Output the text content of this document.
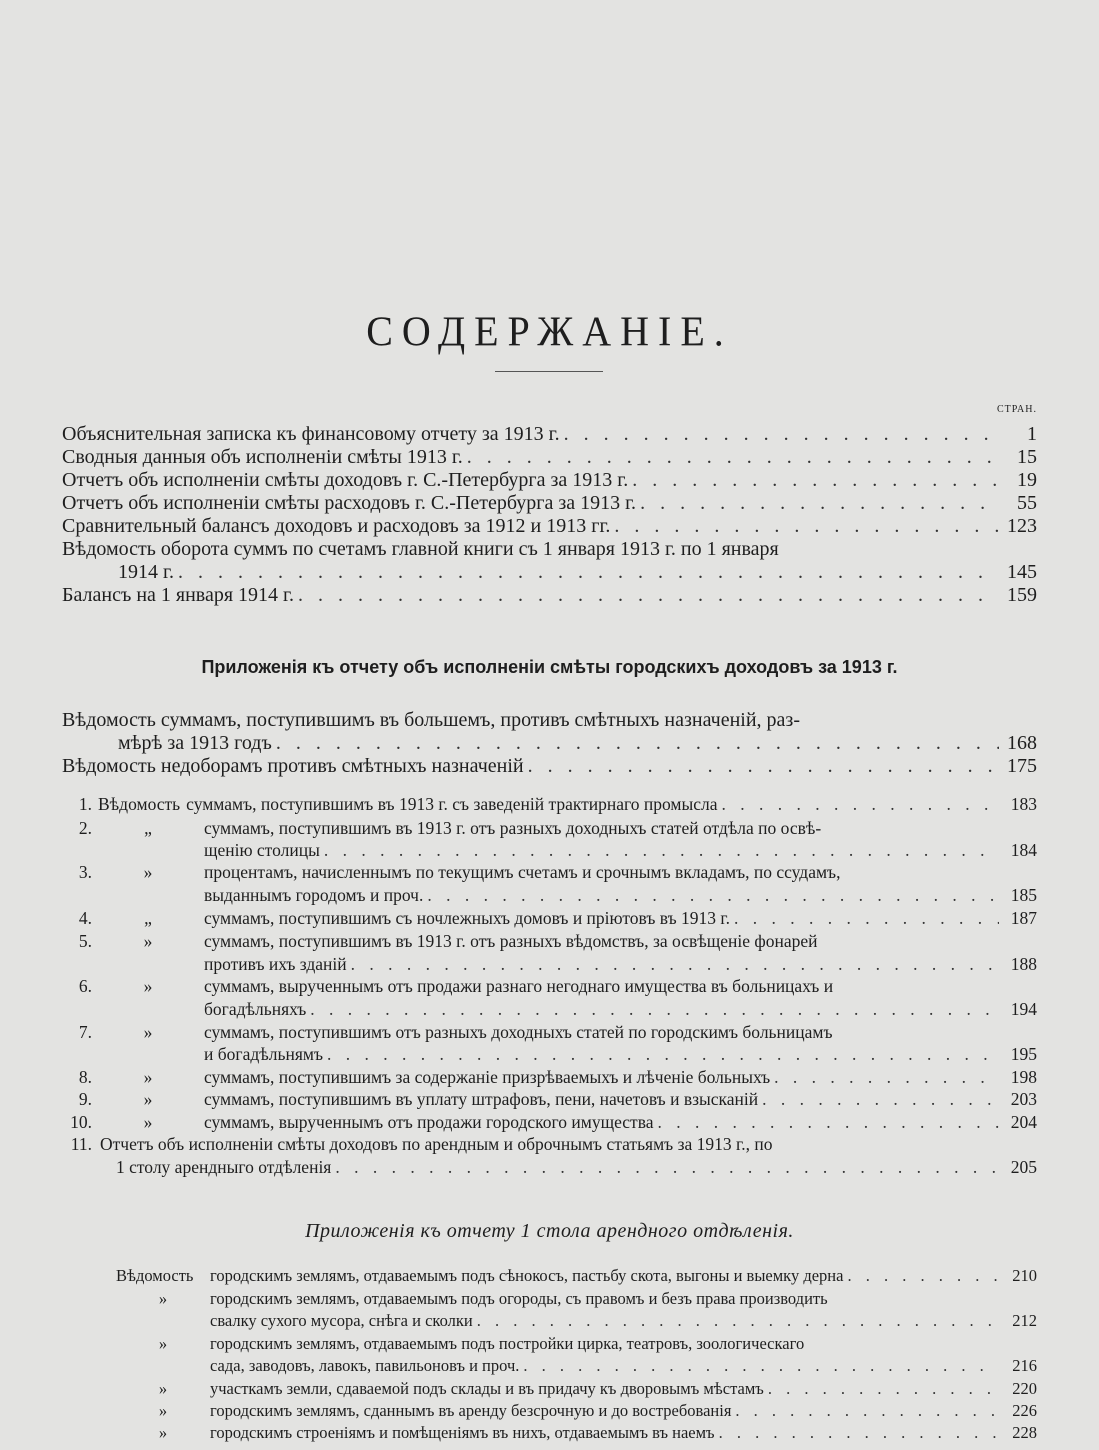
СОДЕРЖАНІЕ.
СТРАН.
Объяснительная записка къ финансовому отчету за 1913 г. . . .	1
Сводныя данныя объ исполненіи смѣты 1913 г. . . .	15
Отчетъ объ исполненіи смѣты доходовъ г. С.-Петербурга за 1913 г. . . .	19
Отчетъ объ исполненіи смѣты расходовъ г. С.-Петербурга за 1913 г. . . .	55
Сравнительный балансъ доходовъ и расходовъ за 1912 и 1913 гг. . . .	123
Вѣдомость оборота суммъ по счетамъ главной книги съ 1 января 1913 г. по 1 января
1914 г. . . .	145
Балансъ на 1 января 1914 г. . . .	159
Приложенія къ отчету объ исполненіи смѣты городскихъ доходовъ за 1913 г.
Вѣдомость суммамъ, поступившимъ въ большемъ, противъ смѣтныхъ назначеній, раз-
мѣрѣ за 1913 годъ . . .	168
Вѣдомость недоборамъ противъ смѣтныхъ назначеній . . .	175
1. Вѣдомость суммамъ, поступившимъ въ 1913 г. съ заведеній трактирнаго промысла . . .	183
2.	„	суммамъ, поступившимъ въ 1913 г. отъ разныхъ доходныхъ статей отдѣла по освѣ-
щенію столицы . . .	184
3.	»	процентамъ, начисленнымъ по текущимъ счетамъ и срочнымъ вкладамъ, по ссудамъ,
выданнымъ городомъ и проч. . . .	185
4.	„	суммамъ, поступившимъ съ ночлежныхъ домовъ и пріютовъ въ 1913 г. . . .	187
5.	»	суммамъ, поступившимъ въ 1913 г. отъ разныхъ вѣдомствъ, за освѣщеніе фонарей
противъ ихъ зданій . . .	188
6.	»	суммамъ, вырученнымъ отъ продажи разнаго негоднаго имущества въ больницахъ и
богадѣльняхъ . . .	194
7.	»	суммамъ, поступившимъ отъ разныхъ доходныхъ статей по городскимъ больницамъ
и богадѣльнямъ . . .	195
8.	»	суммамъ, поступившимъ за содержаніе призрѣваемыхъ и лѣченіе больныхъ . . .	198
9.	»	суммамъ, поступившимъ въ уплату штрафовъ, пени, начетовъ и взысканій . . .	203
10.	»	суммамъ, вырученнымъ отъ продажи городского имущества . . .	204
11. Отчетъ объ исполненіи смѣты доходовъ по арендным и оброчнымъ статьямъ за 1913 г., по
1 столу арендныго отдѣленія . . .	205
Приложенія къ отчету 1 стола арендного отдѣленія.
Вѣдомость	городскимъ землямъ, отдаваемымъ подъ сѣнокосъ, пастьбу скота, выгоны и выемку дерна . . .	210
»	городскимъ землямъ, отдаваемымъ подъ огороды, съ правомъ и безъ права производить
свалку сухого мусора, снѣга и сколки . . .	212
»	городскимъ землямъ, отдаваемымъ подъ постройки цирка, театровъ, зоологическаго
сада, заводовъ, лавокъ, павильоновъ и проч. . . .	216
»	участкамъ земли, сдаваемой подъ склады и въ придачу къ дворовымъ мѣстамъ . . .	220
»	городскимъ землямъ, сданнымъ въ аренду безсрочную и до востребованія . . .	226
»	городскимъ строеніямъ и помѣщеніямъ въ нихъ, отдаваемымъ въ наемъ . . .	228
